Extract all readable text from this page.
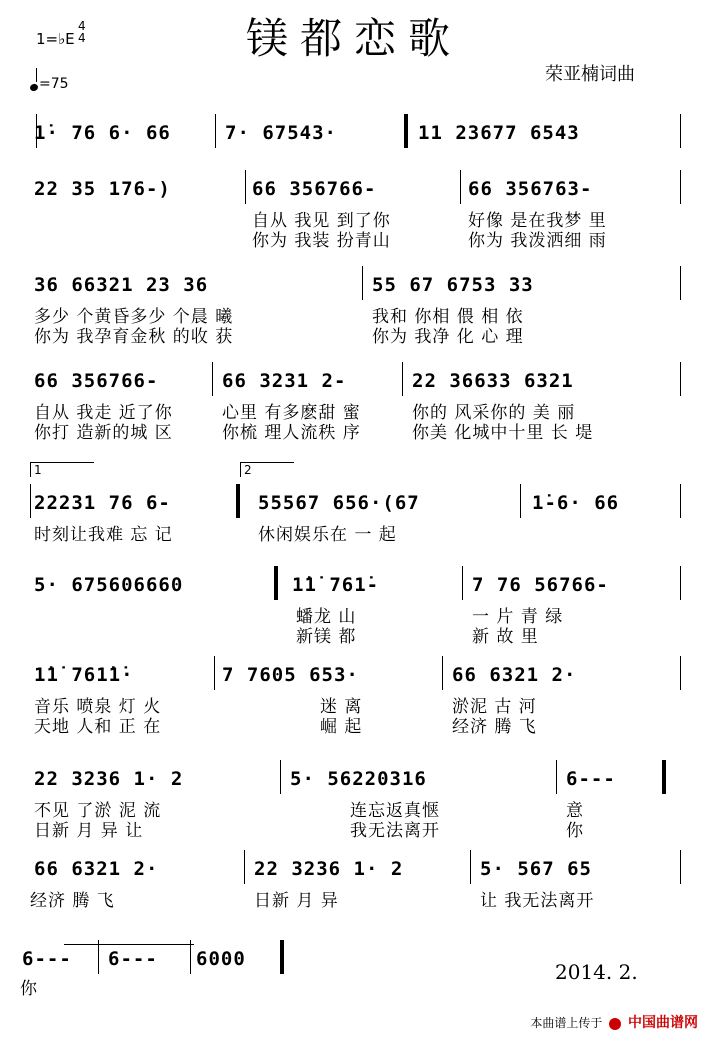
镁都恋歌
1=♭E
4
4
=75	荣亚楠词曲
1̇· 76 6· 66	7· 67543·	11 23677 6543
22 35 176-)	66 356766-	66 356763-
自从 我见 到了你	好像 是在我梦 里
你为 我装 扮青山	你为 我泼洒细 雨
36 66321 23 36	55 67 6753 33
多少 个黄昏多少 个晨 曦	我和 你相 偎 相 依
你为 我孕育金秋 的收 获	你为 我净 化 心 理
66 356766-	66 3231 2-	22 36633 6321
自从 我走 近了你	心里 有多麽甜 蜜	你的 风采你的 美 丽
你打 造新的城 区	你梳 理人流秩 序	你美 化城中十里 长 堤
1	2
22231 76 6-	55567 656·(67	1̇-6· 66
时刻让我难 忘 记	休闲娱乐在 一 起
5· 675606660	1̇1̇ 761̇-	7 76 56766-
蟠龙 山	一 片 青 绿
新镁 都	新 故 里
1̇1̇ 761̇1̇·	7 7605 653·	66 6321 2·
音乐 喷泉 灯 火	迷 离	淤泥 古 河
天地 人和 正 在	崛 起	经济 腾 飞
22 3236 1· 2	5· 56220316	6---
不见 了淤 泥 流	连忘返真惬	意
日新 月 异 让	我无法离开	你
66 6321 2·	22 3236 1· 2	5· 567 65
经济 腾 飞	日新 月 异	让 我无法离开
6--- 6--- 6000
你
2014. 2.
本曲谱上传于 中国曲谱网
